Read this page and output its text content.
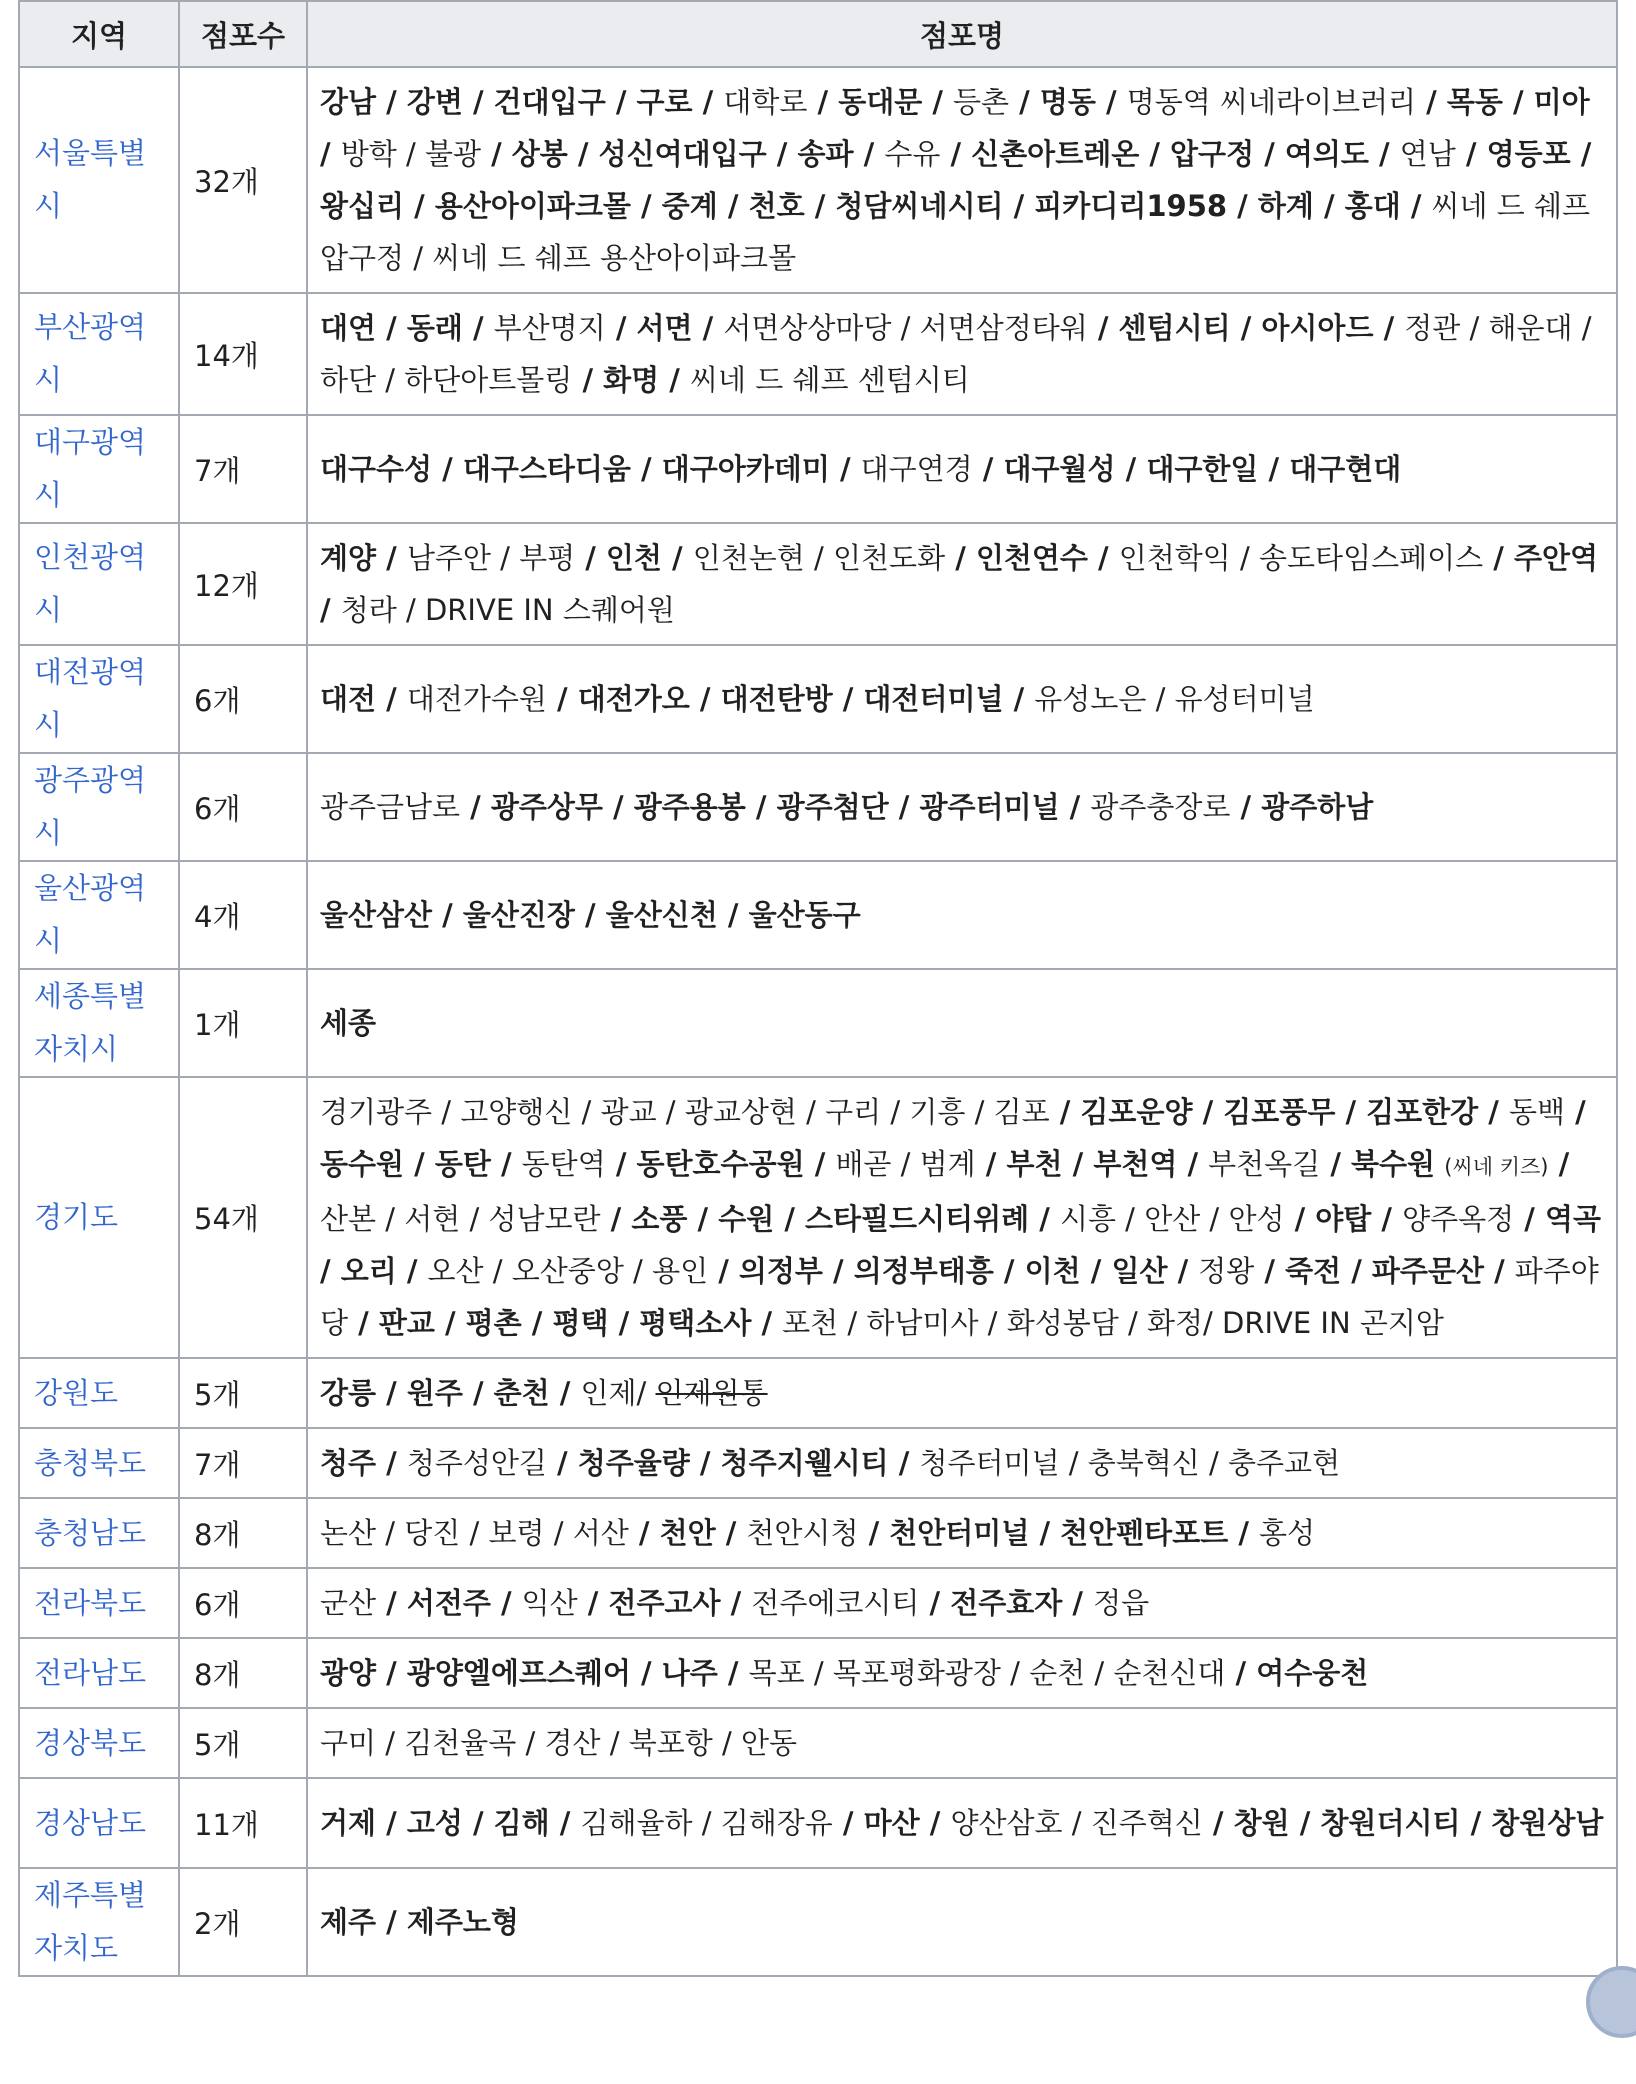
지역	점포수	점포명
서울특별시	32개	강남 / 강변 / 건대입구 / 구로 / 대학로 / 동대문 / 등촌 / 명동 / 명동역 씨네라이브러리 / 목동 / 미아 / 방학 / 불광 / 상봉 / 성신여대입구 / 송파 / 수유 / 신촌아트레온 / 압구정 / 여의도 / 연남 / 영등포 / 왕십리 / 용산아이파크몰 / 중계 / 천호 / 청담씨네시티 / 피카디리1958 / 하계 / 홍대 / 씨네 드 쉐프 압구정 / 씨네 드 쉐프 용산아이파크몰
부산광역시	14개	대연 / 동래 / 부산명지 / 서면 / 서면상상마당 / 서면삼정타워 / 센텀시티 / 아시아드 / 정관 / 해운대 / 하단 / 하단아트몰링 / 화명 / 씨네 드 쉐프 센텀시티
대구광역시	7개	대구수성 / 대구스타디움 / 대구아카데미 / 대구연경 / 대구월성 / 대구한일 / 대구현대
인천광역시	12개	계양 / 남주안 / 부평 / 인천 / 인천논현 / 인천도화 / 인천연수 / 인천학익 / 송도타임스페이스 / 주안역 / 청라 / DRIVE IN 스퀘어원
대전광역시	6개	대전 / 대전가수원 / 대전가오 / 대전탄방 / 대전터미널 / 유성노은 / 유성터미널
광주광역시	6개	광주금남로 / 광주상무 / 광주용봉 / 광주첨단 / 광주터미널 / 광주충장로 / 광주하남
울산광역시	4개	울산삼산 / 울산진장 / 울산신천 / 울산동구
세종특별자치시	1개	세종
경기도	54개	경기광주 / 고양행신 / 광교 / 광교상현 / 구리 / 기흥 / 김포 / 김포운양 / 김포풍무 / 김포한강 / 동백 / 동수원 / 동탄 / 동탄역 / 동탄호수공원 / 배곧 / 범계 / 부천 / 부천역 / 부천옥길 / 북수원 (씨네 키즈) / 산본 / 서현 / 성남모란 / 소풍 / 수원 / 스타필드시티위례 / 시흥 / 안산 / 안성 / 야탑 / 양주옥정 / 역곡 / 오리 / 오산 / 오산중앙 / 용인 / 의정부 / 의정부태흥 / 이천 / 일산 / 정왕 / 죽전 / 파주문산 / 파주야당 / 판교 / 평촌 / 평택 / 평택소사 / 포천 / 하남미사 / 화성봉담 / 화정/ DRIVE IN 곤지암
강원도	5개	강릉 / 원주 / 춘천 / 인제/ 인제원통
충청북도	7개	청주 / 청주성안길 / 청주율량 / 청주지웰시티 / 청주터미널 / 충북혁신 / 충주교현
충청남도	8개	논산 / 당진 / 보령 / 서산 / 천안 / 천안시청 / 천안터미널 / 천안펜타포트 / 홍성
전라북도	6개	군산 / 서전주 / 익산 / 전주고사 / 전주에코시티 / 전주효자 / 정읍
전라남도	8개	광양 / 광양엘에프스퀘어 / 나주 / 목포 / 목포평화광장 / 순천 / 순천신대 / 여수웅천
경상북도	5개	구미 / 김천율곡 / 경산 / 북포항 / 안동
경상남도	11개	거제 / 고성 / 김해 / 김해율하 / 김해장유 / 마산 / 양산삼호 / 진주혁신 / 창원 / 창원더시티 / 창원상남
제주특별자치도	2개	제주 / 제주노형
